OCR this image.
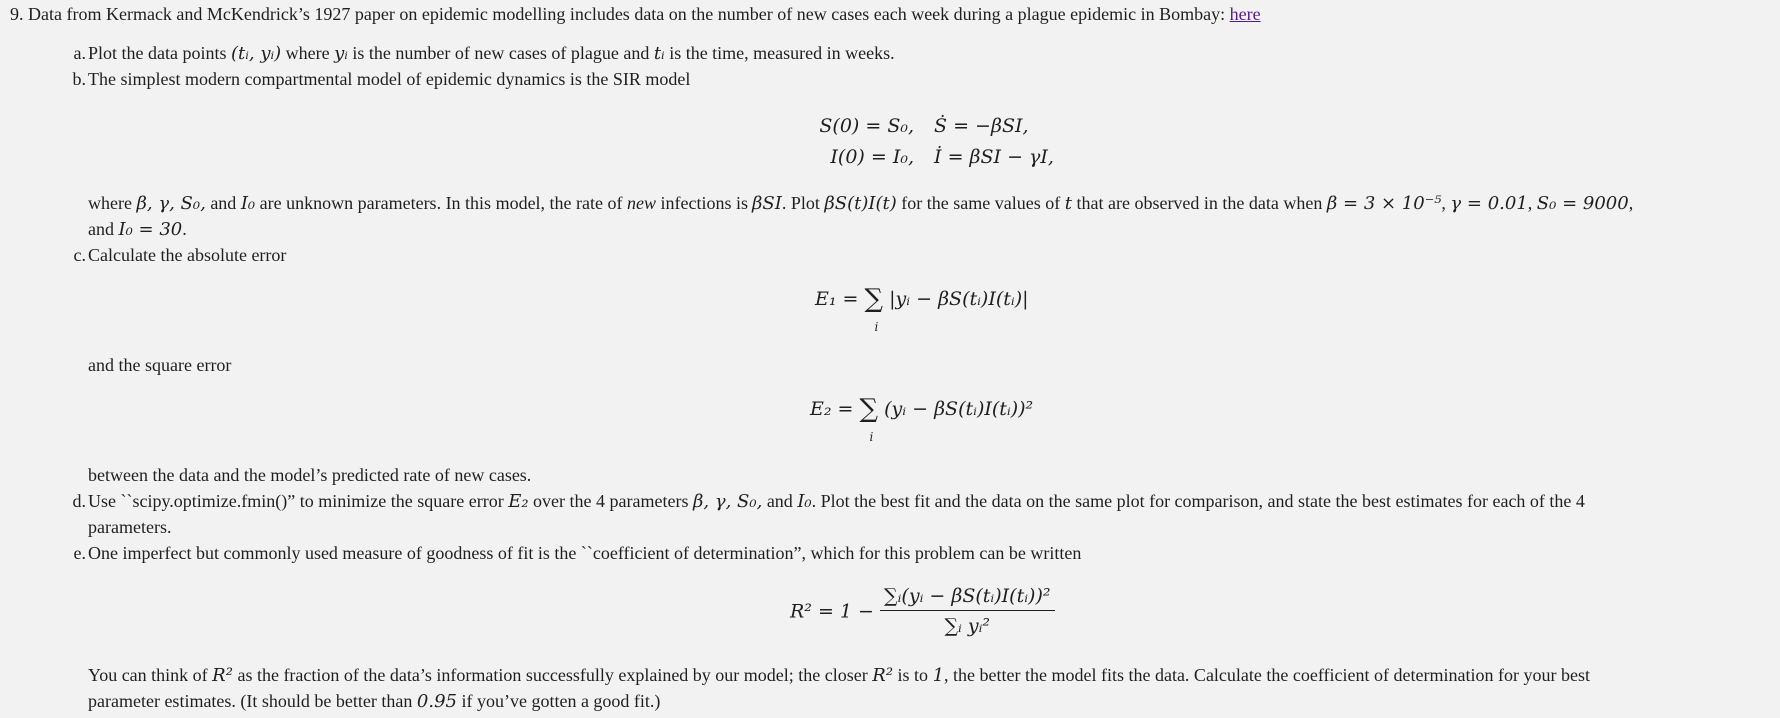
9. Data from Kermack and McKendrick’s 1927 paper on epidemic modelling includes data on the number of new cases each week during a plague epidemic in Bombay: here
a. Plot the data points (tᵢ, yᵢ) where yᵢ is the number of new cases of plague and tᵢ is the time, measured in weeks.
b. The simplest modern compartmental model of epidemic dynamics is the SIR model
S(0) = S₀, Ṡ = −βSI,
I(0) = I₀, İ = βSI − γI,
where β, γ, S₀, and I₀ are unknown parameters. In this model, the rate of new infections is βSI. Plot βS(t)I(t) for the same values of t that are observed in the data when β = 3 × 10⁻⁵, γ = 0.01, S₀ = 9000,
and I₀ = 30.
c. Calculate the absolute error
E₁ = ∑
i
|yᵢ − βS(tᵢ)I(tᵢ)|
and the square error
E₂ = ∑
i
(yᵢ − βS(tᵢ)I(tᵢ))²
between the data and the model’s predicted rate of new cases.
d. Use ``scipy.optimize.fmin()” to minimize the square error E₂ over the 4 parameters β, γ, S₀, and I₀. Plot the best fit and the data on the same plot for comparison, and state the best estimates for each of the 4
parameters.
e. One imperfect but commonly used measure of goodness of fit is the ``coefficient of determination”, which for this problem can be written
$R^2 = 1 - \frac{\text{∑ᵢ(yᵢ − βS(tᵢ)I(tᵢ))²}}{\text{∑ᵢ yᵢ²}}$
You can think of R² as the fraction of the data’s information successfully explained by our model; the closer R² is to 1, the better the model fits the data. Calculate the coefficient of determination for your best
parameter estimates. (It should be better than 0.95 if you’ve gotten a good fit.)
